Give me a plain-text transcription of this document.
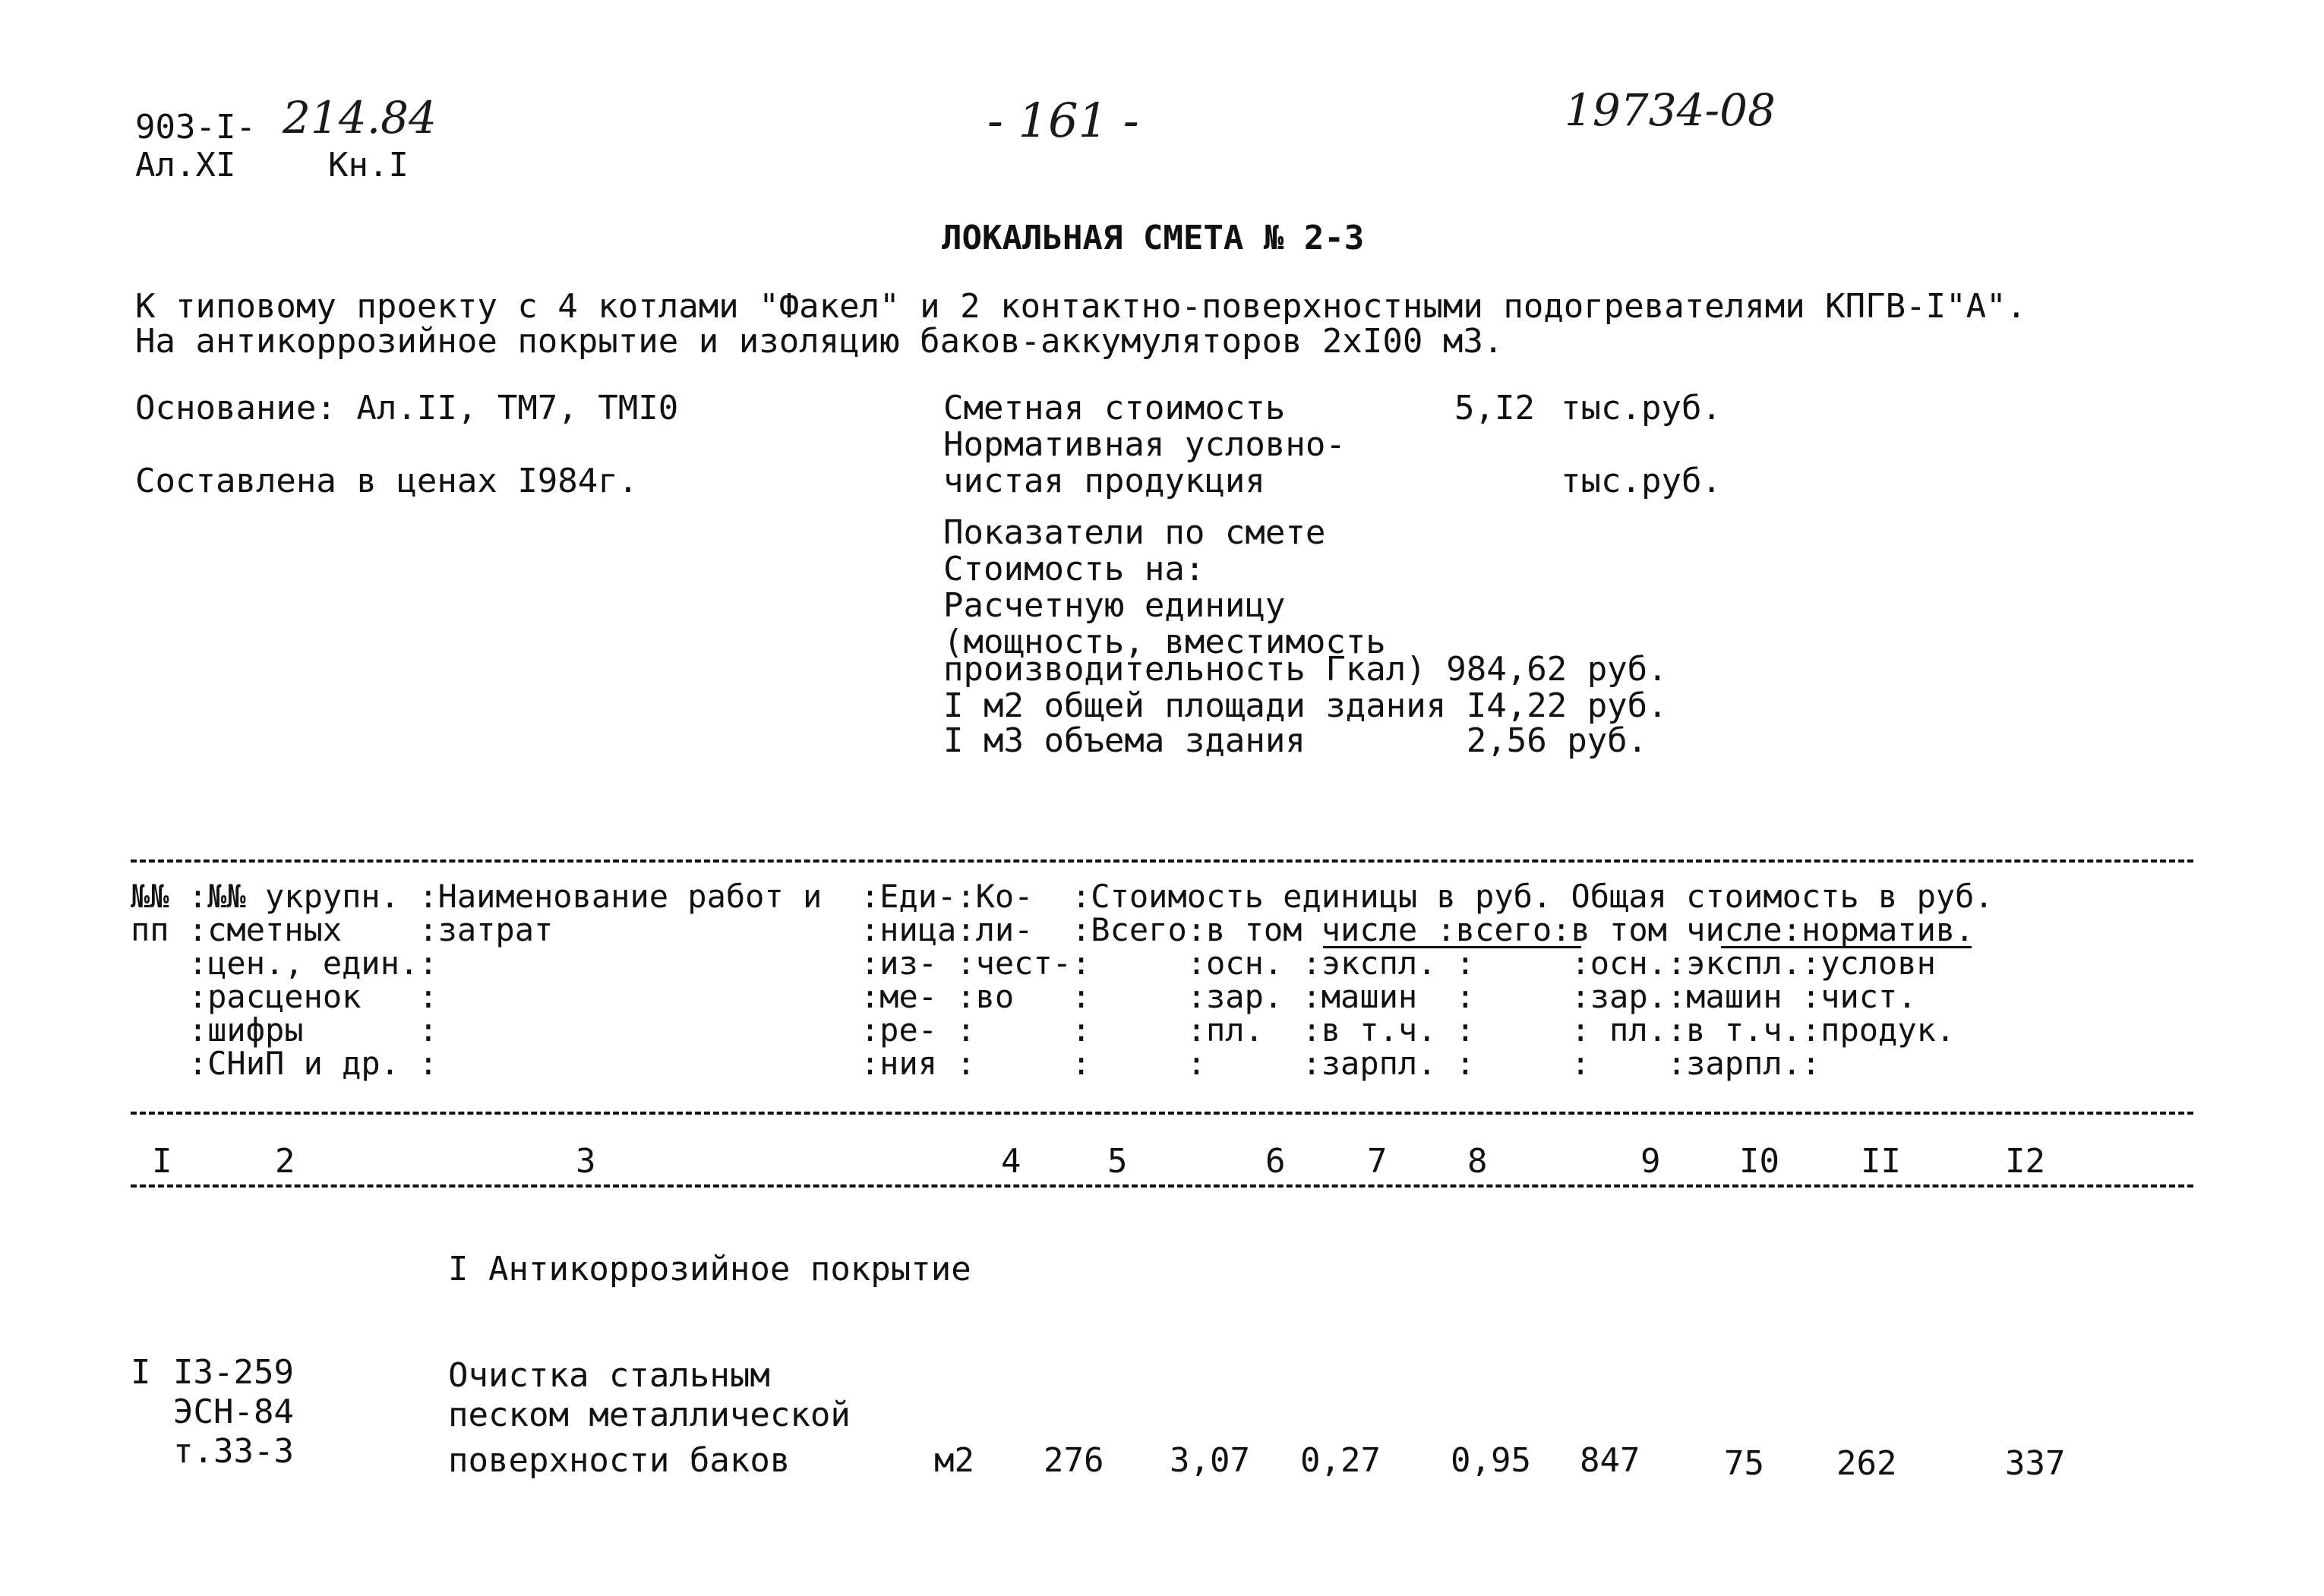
903-I- 214.84
Ал.XI	Кн.I
- 161 -	19734-08
ЛОКАЛЬНАЯ СМЕТА № 2-3
К типовому проекту с 4 котлами "Факел" и 2 контактно-поверхностными подогревателями КПГВ-I"А".
На антикоррозийное покрытие и изоляцию баков-аккумуляторов 2хI00 м3.
Основание: Ал.II, ТМ7, ТМI0
Составлена в ценах I984г.
Сметная стоимость	5,I2 тыс.руб.
Нормативная условно-
чистая продукция	тыс.руб.
Показатели по смете
Стоимость на:
Расчетную единицу
(мощность, вместимость
производительность Гкал) 984,62 руб.
I м2 общей площади здания I4,22 руб.
I м3 объема здания        2,56 руб.
№№ :№№ укрупн. :Наименование работ и  :Еди-:Ко-  :Стоимость единицы в руб. Общая стоимость в руб.
пп :сметных    :затрат                :ница:ли-  :Всего:в том числе :всего:в том числе:норматив.
:цен., един.:                      :из- :чест-:     :осн. :экспл. :     :осн.:экспл.:условн
:расценок   :                      :ме- :во   :     :зар. :машин  :     :зар.:машин :чист.
:шифры      :                      :ре- :     :     :пл.  :в т.ч. :     : пл.:в т.ч.:продук.
:СНиП и др. :                      :ния :     :     :     :зарпл. :     :    :зарпл.:
I	2	3	4	5	6 7 8	9 I0 II	I2
I Антикоррозийное покрытие
I I3-259
ЭСН-84
т.33-3
Очистка стальным
песком металлической
поверхности баков	м2 276 3,07 0,27 0,95 847	75 262	337
